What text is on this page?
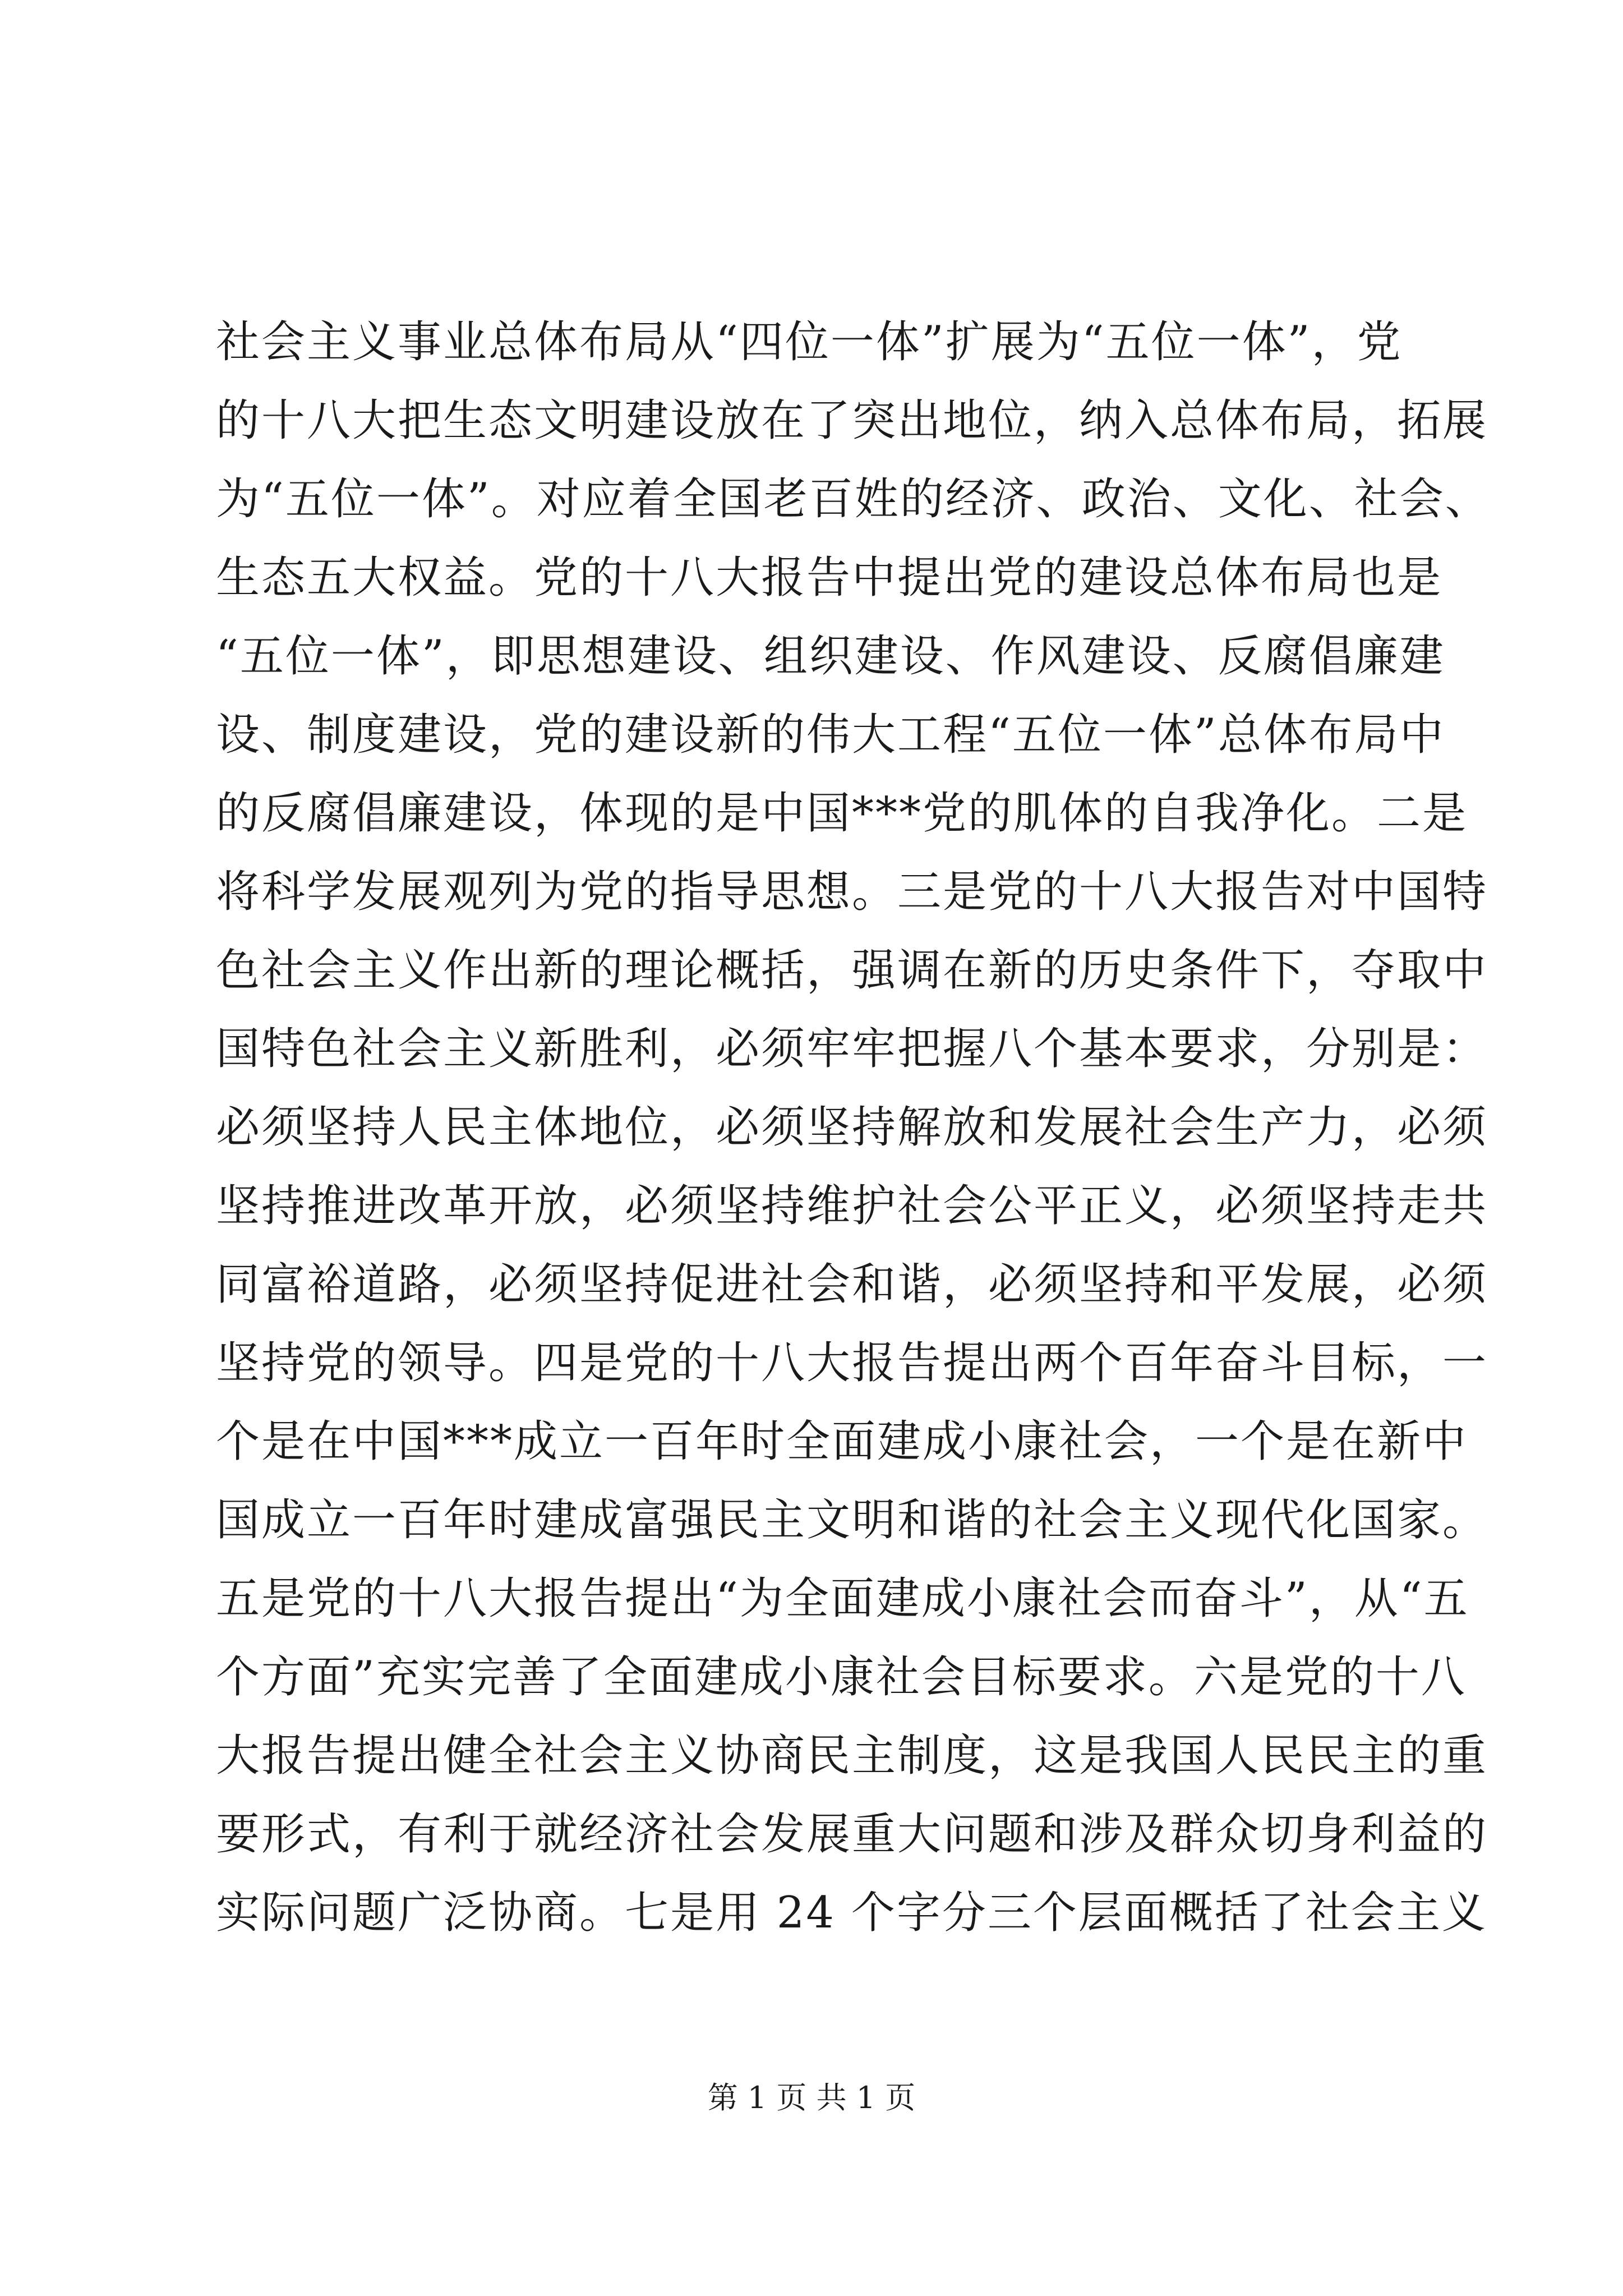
社会主义事业总体布局从“四位一体”扩展为“五位一体”，党

的十八大把生态文明建设放在了突出地位，纳入总体布局，拓展

为“五位一体”。对应着全国老百姓的经济、政治、文化、社会、

生态五大权益。党的十八大报告中提出党的建设总体布局也是

“五位一体”，即思想建设、组织建设、作风建设、反腐倡廉建

设、制度建设，党的建设新的伟大工程“五位一体”总体布局中

的反腐倡廉建设，体现的是中国***党的肌体的自我净化。二是

将科学发展观列为党的指导思想。三是党的十八大报告对中国特

色社会主义作出新的理论概括，强调在新的历史条件下，夺取中

国特色社会主义新胜利，必须牢牢把握八个基本要求，分别是：

必须坚持人民主体地位，必须坚持解放和发展社会生产力，必须

坚持推进改革开放，必须坚持维护社会公平正义，必须坚持走共

同富裕道路，必须坚持促进社会和谐，必须坚持和平发展，必须

坚持党的领导。四是党的十八大报告提出两个百年奋斗目标，一

个是在中国***成立一百年时全面建成小康社会，一个是在新中

国成立一百年时建成富强民主文明和谐的社会主义现代化国家。

五是党的十八大报告提出“为全面建成小康社会而奋斗”，从“五

个方面”充实完善了全面建成小康社会目标要求。六是党的十八

大报告提出健全社会主义协商民主制度，这是我国人民民主的重

要形式，有利于就经济社会发展重大问题和涉及群众切身利益的

实际问题广泛协商。七是用 24 个字分三个层面概括了社会主义

第 1 页 共 1 页
